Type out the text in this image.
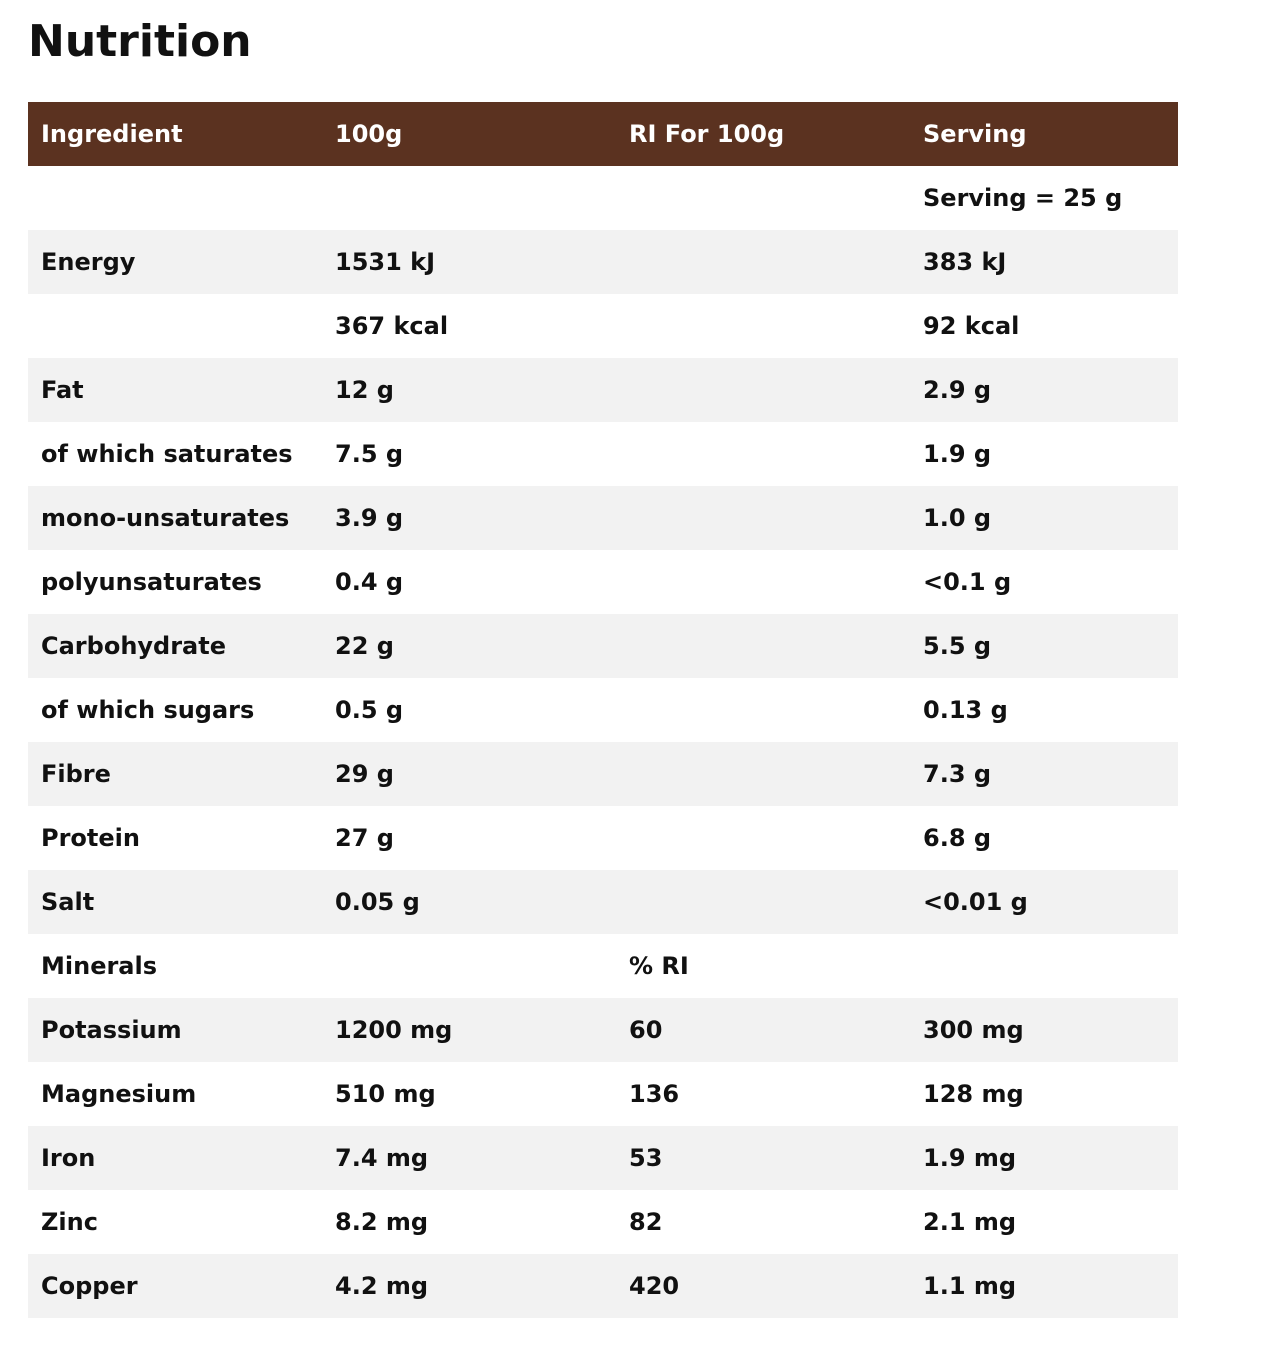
Nutrition
Ingredient	100g	RI For 100g	Serving
			Serving = 25 g
Energy	1531 kJ		383 kJ
	367 kcal		92 kcal
Fat	12 g		2.9 g
of which saturates	7.5 g		1.9 g
mono-unsaturates	3.9 g		1.0 g
polyunsaturates	0.4 g		<0.1 g
Carbohydrate	22 g		5.5 g
of which sugars	0.5 g		0.13 g
Fibre	29 g		7.3 g
Protein	27 g		6.8 g
Salt	0.05 g		<0.01 g
Minerals		% RI	
Potassium	1200 mg	60	300 mg
Magnesium	510 mg	136	128 mg
Iron	7.4 mg	53	1.9 mg
Zinc	8.2 mg	82	2.1 mg
Copper	4.2 mg	420	1.1 mg
